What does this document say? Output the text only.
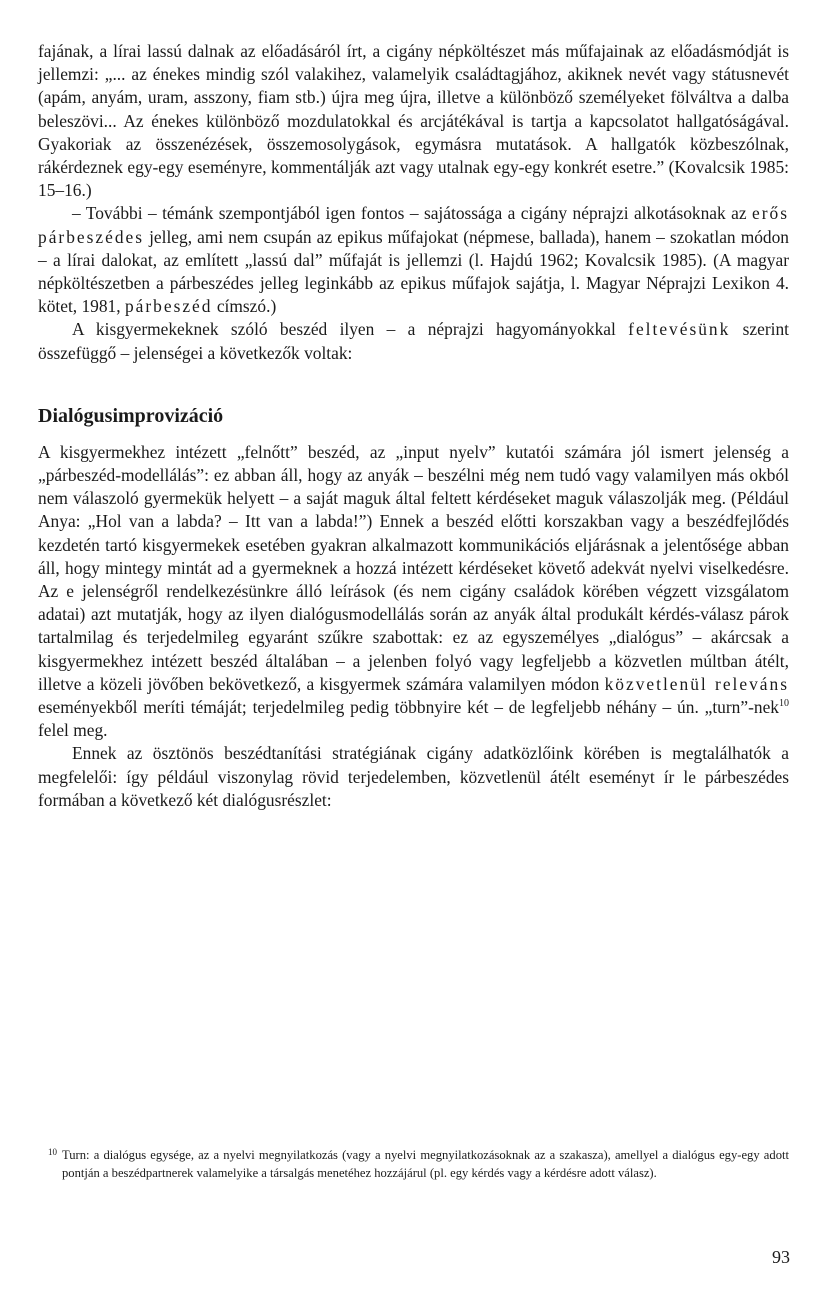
fajának, a lírai lassú dalnak az előadásáról írt, a cigány népköltészet más műfajainak az előadásmódját is jellemzi: „... az énekes mindig szól valakihez, valamelyik családtagjához, akiknek nevét vagy státusnevét (apám, anyám, uram, asszony, fiam stb.) újra meg újra, illetve a különböző személyeket fölváltva a dalba beleszövi... Az énekes különböző mozdulatokkal és arcjátékával is tartja a kapcsolatot hallgatóságával. Gyakoriak az összenézések, összemosolygások, egymásra mutatások. A hallgatók közbeszólnak, rákérdeznek egy-egy eseményre, kommentálják azt vagy utalnak egy-egy konkrét esetre.” (Kovalcsik 1985: 15–16.)

– További – témánk szempontjából igen fontos – sajátossága a cigány néprajzi alkotásoknak az erős párbeszédes jelleg, ami nem csupán az epikus műfajokat (népmese, ballada), hanem – szokatlan módon – a lírai dalokat, az említett „lassú dal” műfaját is jellemzi (l. Hajdú 1962; Kovalcsik 1985). (A magyar népköltészetben a párbeszédes jelleg leginkább az epikus műfajok sajátja, l. Magyar Néprajzi Lexikon 4. kötet, 1981, párbeszéd címszó.)

A kisgyermekeknek szóló beszéd ilyen – a néprajzi hagyományokkal feltevésünk szerint összefüggő – jelenségei a következők voltak:

Dialógusimprovizáció

A kisgyermekhez intézett „felnőtt” beszéd, az „input nyelv” kutatói számára jól ismert jelenség a „párbeszéd-modellálás”: ez abban áll, hogy az anyák – beszélni még nem tudó vagy valamilyen más okból nem válaszoló gyermekük helyett – a saját maguk által feltett kérdéseket maguk válaszolják meg. (Például Anya: „Hol van a labda? – Itt van a labda!”) Ennek a beszéd előtti korszakban vagy a beszédfejlődés kezdetén tartó kisgyermekek esetében gyakran alkalmazott kommunikációs eljárásnak a jelentősége abban áll, hogy mintegy mintát ad a gyermeknek a hozzá intézett kérdéseket követő adekvát nyelvi viselkedésre. Az e jelenségről rendelkezésünkre álló leírások (és nem cigány családok körében végzett vizsgálatom adatai) azt mutatják, hogy az ilyen dialógusmodellálás során az anyák által produkált kérdés-válasz párok tartalmilag és terjedelmileg egyaránt szűkre szabottak: ez az egyszemélyes „dialógus” – akárcsak a kisgyermekhez intézett beszéd általában – a jelenben folyó vagy legfeljebb a közvetlen múltban átélt, illetve a közeli jövőben bekövetkező, a kisgyermek számára valamilyen módon közvetlenül releváns eseményekből meríti témáját; terjedelmileg pedig többnyire két – de legfeljebb néhány – ún. „turn”-nek$^{10}$ felel meg.

Ennek az ösztönös beszédtanítási stratégiának cigány adatközlőink körében is megtalálhatók a megfelelői: így például viszonylag rövid terjedelemben, közvetlenül átélt eseményt ír le párbeszédes formában a következő két dialógusrészlet:

10 Turn: a dialógus egysége, az a nyelvi megnyilatkozás (vagy a nyelvi megnyilatkozásoknak az a szakasza), amellyel a dialógus egy-egy adott pontján a beszédpartnerek valamelyike a társalgás menetéhez hozzájárul (pl. egy kérdés vagy a kérdésre adott válasz).

93
